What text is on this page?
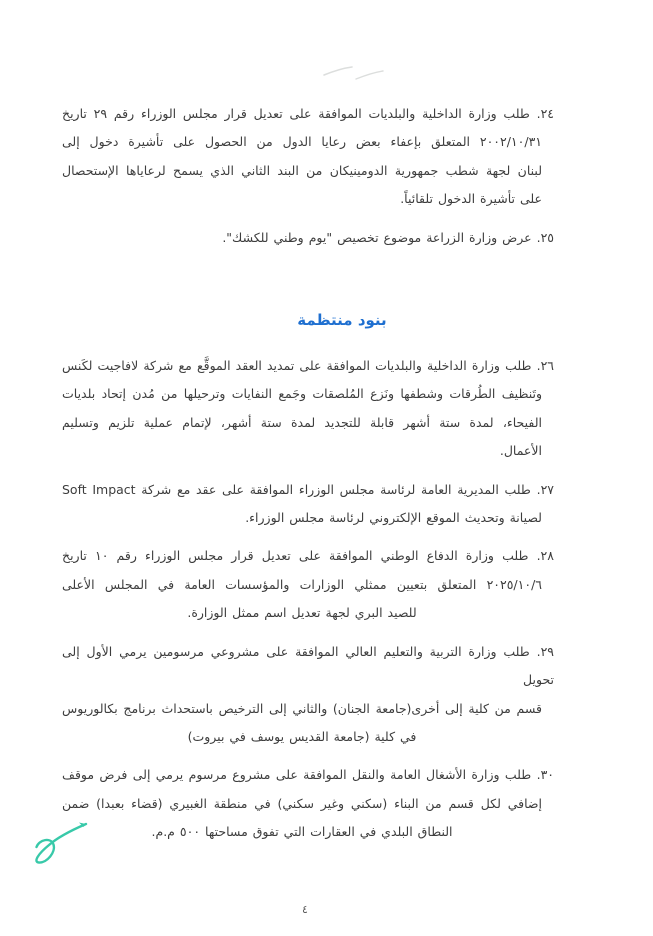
٢٤. طلب وزارة الداخلية والبلديات الموافقة على تعديل قرار مجلس الوزراء رقم ٢٩ تاريخ
٢٠٠٢/١٠/٣١ المتعلق بإعفاء بعض رعايا الدول من الحصول على تأشيرة دخول إلى
لبنان لجهة شطب جمهورية الدومينيكان من البند الثاني الذي يسمح لرعاياها الإستحصال
على تأشيرة الدخول تلقائياً.
٢٥. عرض وزارة الزراعة موضوع تخصيص "يوم وطني للكشك".
بنود منتظمة
٢٦. طلب وزارة الداخلية والبلديات الموافقة على تمديد العقد الموقَّع مع شركة لافاجيت لكَنس
وتَنظيف الطُرقات وشطفها ونَزع المُلصقات وجَمع النفايات وترحيلها من مُدن إتحاد بلديات
الفيحاء، لمدة ستة أشهر قابلة للتجديد لمدة ستة أشهر، لإتمام عملية تلزيم وتسليم
الأعمال.
٢٧. طلب المديرية العامة لرئاسة مجلس الوزراء الموافقة على عقد مع شركة Soft Impact
لصيانة وتحديث الموقع الإلكتروني لرئاسة مجلس الوزراء.
٢٨. طلب وزارة الدفاع الوطني الموافقة على تعديل قرار مجلس الوزراء رقم ١٠ تاريخ
٢٠٢٥/١٠/٦ المتعلق بتعيين ممثلي الوزارات والمؤسسات العامة في المجلس الأعلى
للصيد البري لجهة تعديل اسم ممثل الوزارة.
٢٩. طلب وزارة التربية والتعليم العالي الموافقة على مشروعي مرسومين يرمي الأول إلى تحويل
قسم من كلية إلى أخرى(جامعة الجنان) والثاني إلى الترخيص باستحداث برنامج بكالوريوس
في كلية (جامعة القديس يوسف في بيروت)
٣٠. طلب وزارة الأشغال العامة والنقل الموافقة على مشروع مرسوم يرمي إلى فرض موقف
إضافي لكل قسم من البناء (سكني وغير سكني) في منطقة الغبيري (قضاء بعبدا) ضمن
النطاق البلدي في العقارات التي تفوق مساحتها ٥٠٠ م.م.
٤
